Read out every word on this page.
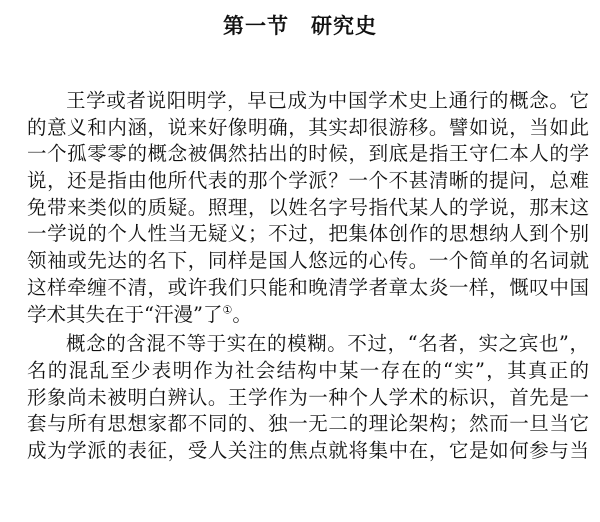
第一节　研究史
王学或者说阳明学，早已成为中国学术史上通行的概念。它
的意义和内涵，说来好像明确，其实却很游移。譬如说，当如此
一个孤零零的概念被偶然拈出的时候，到底是指王守仁本人的学
说，还是指由他所代表的那个学派？一个不甚清晰的提问，总难
免带来类似的质疑。照理，以姓名字号指代某人的学说，那末这
一学说的个人性当无疑义；不过，把集体创作的思想纳人到个别
领袖或先达的名下，同样是国人悠远的心传。一个简单的名词就
这样牵缠不清，或许我们只能和晚清学者章太炎一样，慨叹中国
学术其失在于“汗漫”了①。
概念的含混不等于实在的模糊。不过，“名者，实之宾也”，
名的混乱至少表明作为社会结构中某一存在的“实”，其真正的
形象尚未被明白辨认。王学作为一种个人学术的标识，首先是一
套与所有思想家都不同的、独一无二的理论架构；然而一旦当它
成为学派的表征，受人关注的焦点就将集中在，它是如何参与当
